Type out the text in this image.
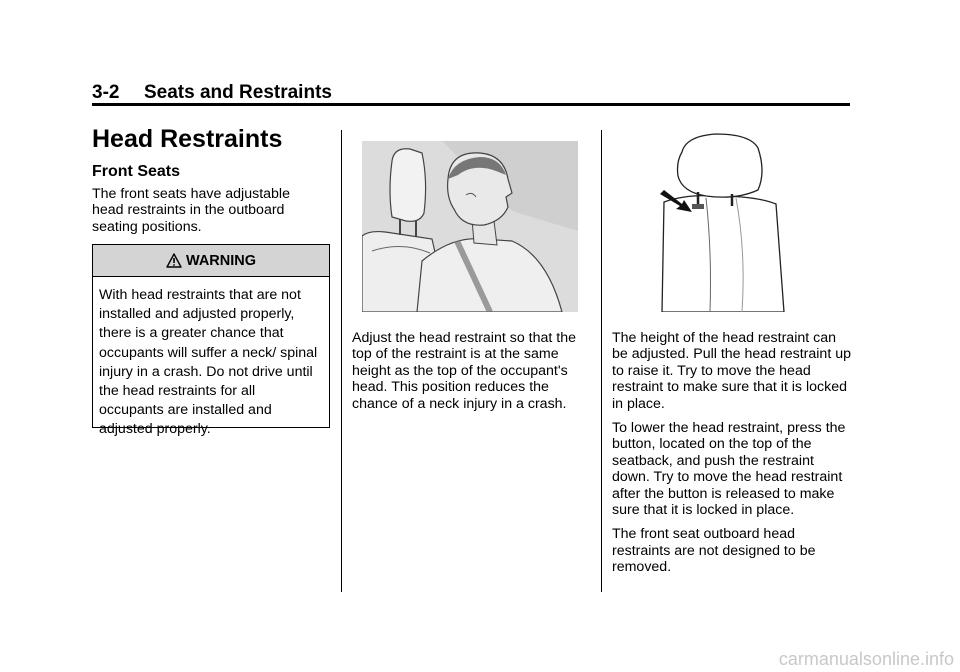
3-2 Seats and Restraints
Head Restraints
Front Seats

The front seats have adjustable head restraints in the outboard seating positions.

WARNING
With head restraints that are not installed and adjusted properly, there is a greater chance that occupants will suffer a neck/ spinal injury in a crash. Do not drive until the head restraints for all occupants are installed and adjusted properly.

Adjust the head restraint so that the top of the restraint is at the same height as the top of the occupant's head. This position reduces the chance of a neck injury in a crash.

The height of the head restraint can be adjusted. Pull the head restraint up to raise it. Try to move the head restraint to make sure that it is locked in place.

To lower the head restraint, press the button, located on the top of the seatback, and push the restraint down. Try to move the head restraint after the button is released to make sure that it is locked in place.

The front seat outboard head restraints are not designed to be removed.

carmanualsonline.info
